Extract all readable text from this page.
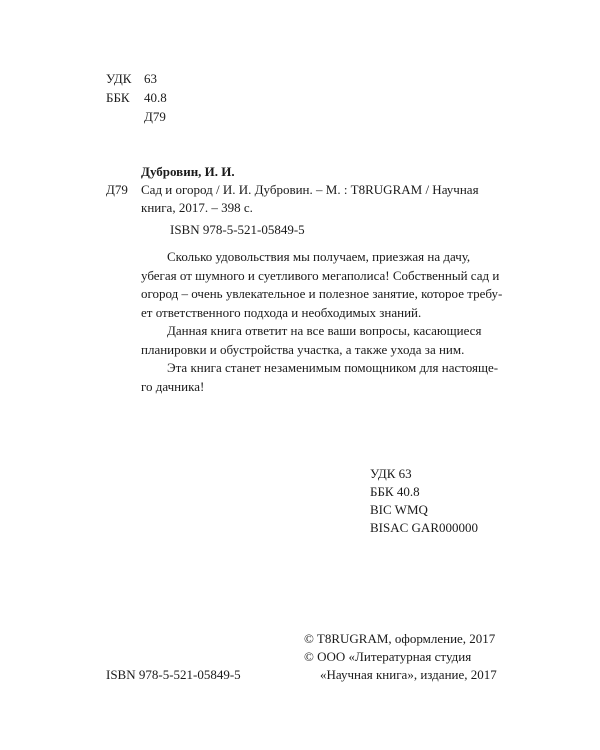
УДК 63
ББК 40.8
Д79
Дубровин, И. И.
Д79 Сад и огород / И. И. Дубровин. – М. : T8RUGRAM / Научная
книга, 2017. – 398 с.
ISBN 978-5-521-05849-5
Сколько удовольствия мы получаем, приезжая на дачу,
убегая от шумного и суетливого мегаполиса! Собственный сад и
огород – очень увлекательное и полезное занятие, которое требу-
ет ответственного подхода и необходимых знаний.
Данная книга ответит на все ваши вопросы, касающиеся
планировки и обустройства участка, а также ухода за ним.
Эта книга станет незаменимым помощником для настояще-
го дачника!
УДК 63
ББК 40.8
BIC WMQ
BISAC GAR000000
© T8RUGRAM, оформление, 2017
© ООО «Литературная студия
«Научная книга», издание, 2017
ISBN 978-5-521-05849-5
